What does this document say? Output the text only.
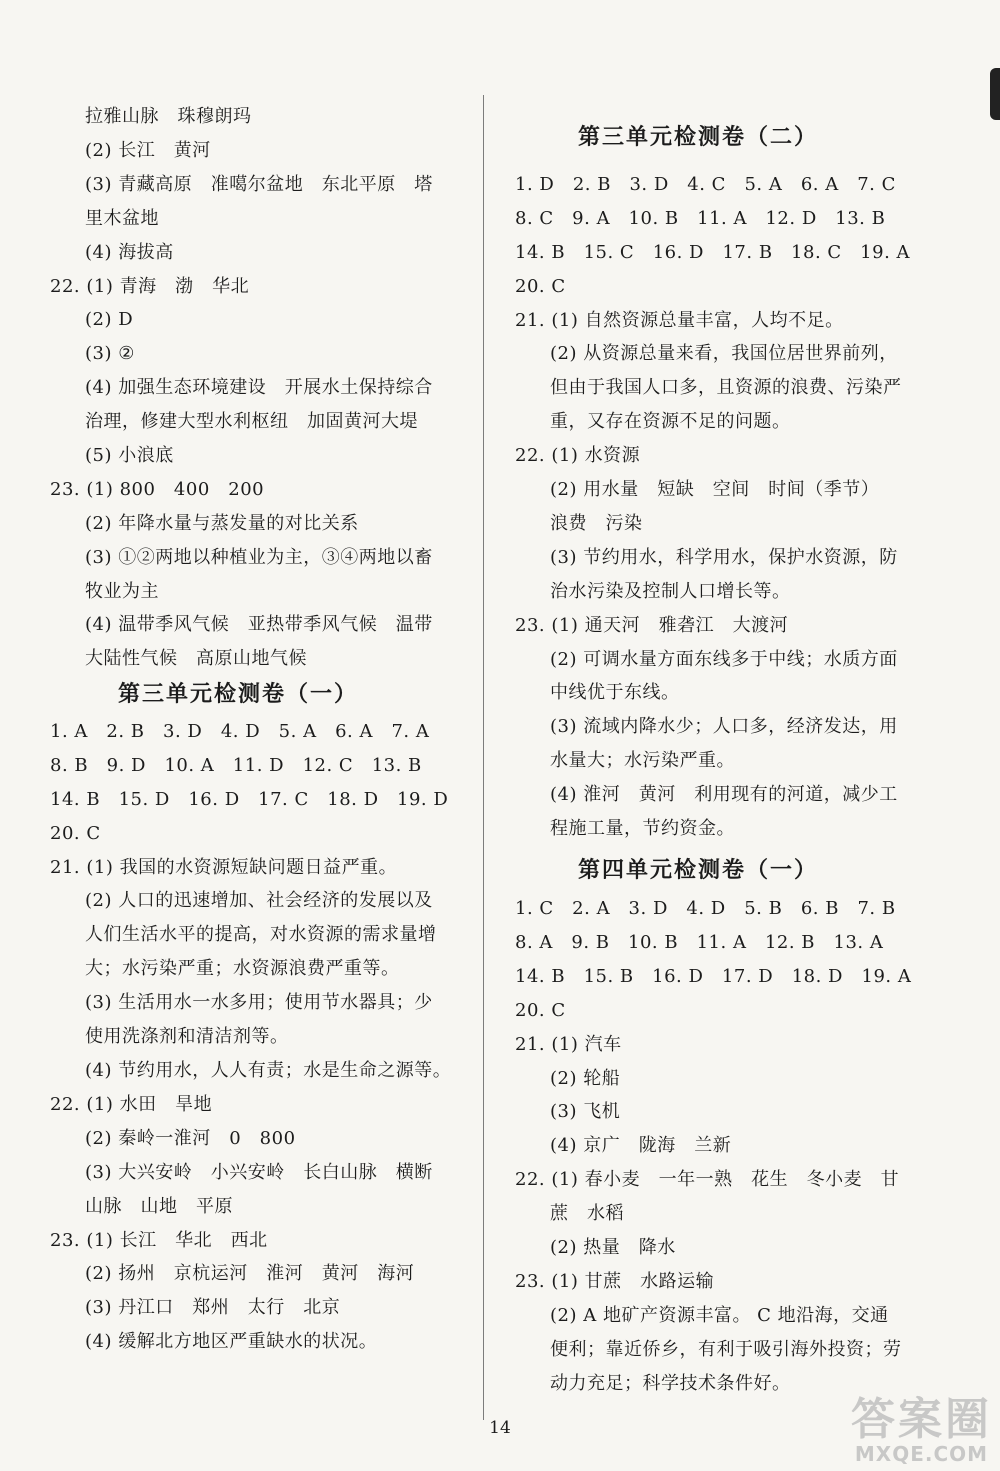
拉雅山脉　珠穆朗玛
(2) 长江　黄河
(3) 青藏高原　准噶尔盆地　东北平原　塔
里木盆地
(4) 海拔高
22. (1) 青海　渤　华北
(2) D
(3) ②
(4) 加强生态环境建设　开展水土保持综合
治理，修建大型水利枢纽　加固黄河大堤
(5) 小浪底
23. (1) 800　400　200
(2) 年降水量与蒸发量的对比关系
(3) ①②两地以种植业为主，③④两地以畜
牧业为主
(4) 温带季风气候　亚热带季风气候　温带
大陆性气候　高原山地气候
第三单元检测卷（一）
1. A　2. B　3. D　4. D　5. A　6. A　7. A
8. B　9. D　10. A　11. D　12. C　13. B
14. B　15. D　16. D　17. C　18. D　19. D
20. C
21. (1) 我国的水资源短缺问题日益严重。
(2) 人口的迅速增加、社会经济的发展以及
人们生活水平的提高，对水资源的需求量增
大；水污染严重；水资源浪费严重等。
(3) 生活用水一水多用；使用节水器具；少
使用洗涤剂和清洁剂等。
(4) 节约用水，人人有责；水是生命之源等。
22. (1) 水田　旱地
(2) 秦岭一淮河　0　800
(3) 大兴安岭　小兴安岭　长白山脉　横断
山脉　山地　平原
23. (1) 长江　华北　西北
(2) 扬州　京杭运河　淮河　黄河　海河
(3) 丹江口　郑州　太行　北京
(4) 缓解北方地区严重缺水的状况。
第三单元检测卷（二）
1. D　2. B　3. D　4. C　5. A　6. A　7. C
8. C　9. A　10. B　11. A　12. D　13. B
14. B　15. C　16. D　17. B　18. C　19. A
20. C
21. (1) 自然资源总量丰富，人均不足。
(2) 从资源总量来看，我国位居世界前列，
但由于我国人口多，且资源的浪费、污染严
重，又存在资源不足的问题。
22. (1) 水资源
(2) 用水量　短缺　空间　时间（季节）
浪费　污染
(3) 节约用水，科学用水，保护水资源，防
治水污染及控制人口增长等。
23. (1) 通天河　雅砻江　大渡河
(2) 可调水量方面东线多于中线；水质方面
中线优于东线。
(3) 流域内降水少；人口多，经济发达，用
水量大；水污染严重。
(4) 淮河　黄河　利用现有的河道，减少工
程施工量，节约资金。
第四单元检测卷（一）
1. C　2. A　3. D　4. D　5. B　6. B　7. B
8. A　9. B　10. B　11. A　12. B　13. A
14. B　15. B　16. D　17. D　18. D　19. A
20. C
21. (1) 汽车
(2) 轮船
(3) 飞机
(4) 京广　陇海　兰新
22. (1) 春小麦　一年一熟　花生　冬小麦　甘
蔗　水稻
(2) 热量　降水
23. (1) 甘蔗　水路运输
(2) A 地矿产资源丰富。 C 地沿海，交通
便利；靠近侨乡，有利于吸引海外投资；劳
动力充足；科学技术条件好。
14	答案圈
MXQE.COM
